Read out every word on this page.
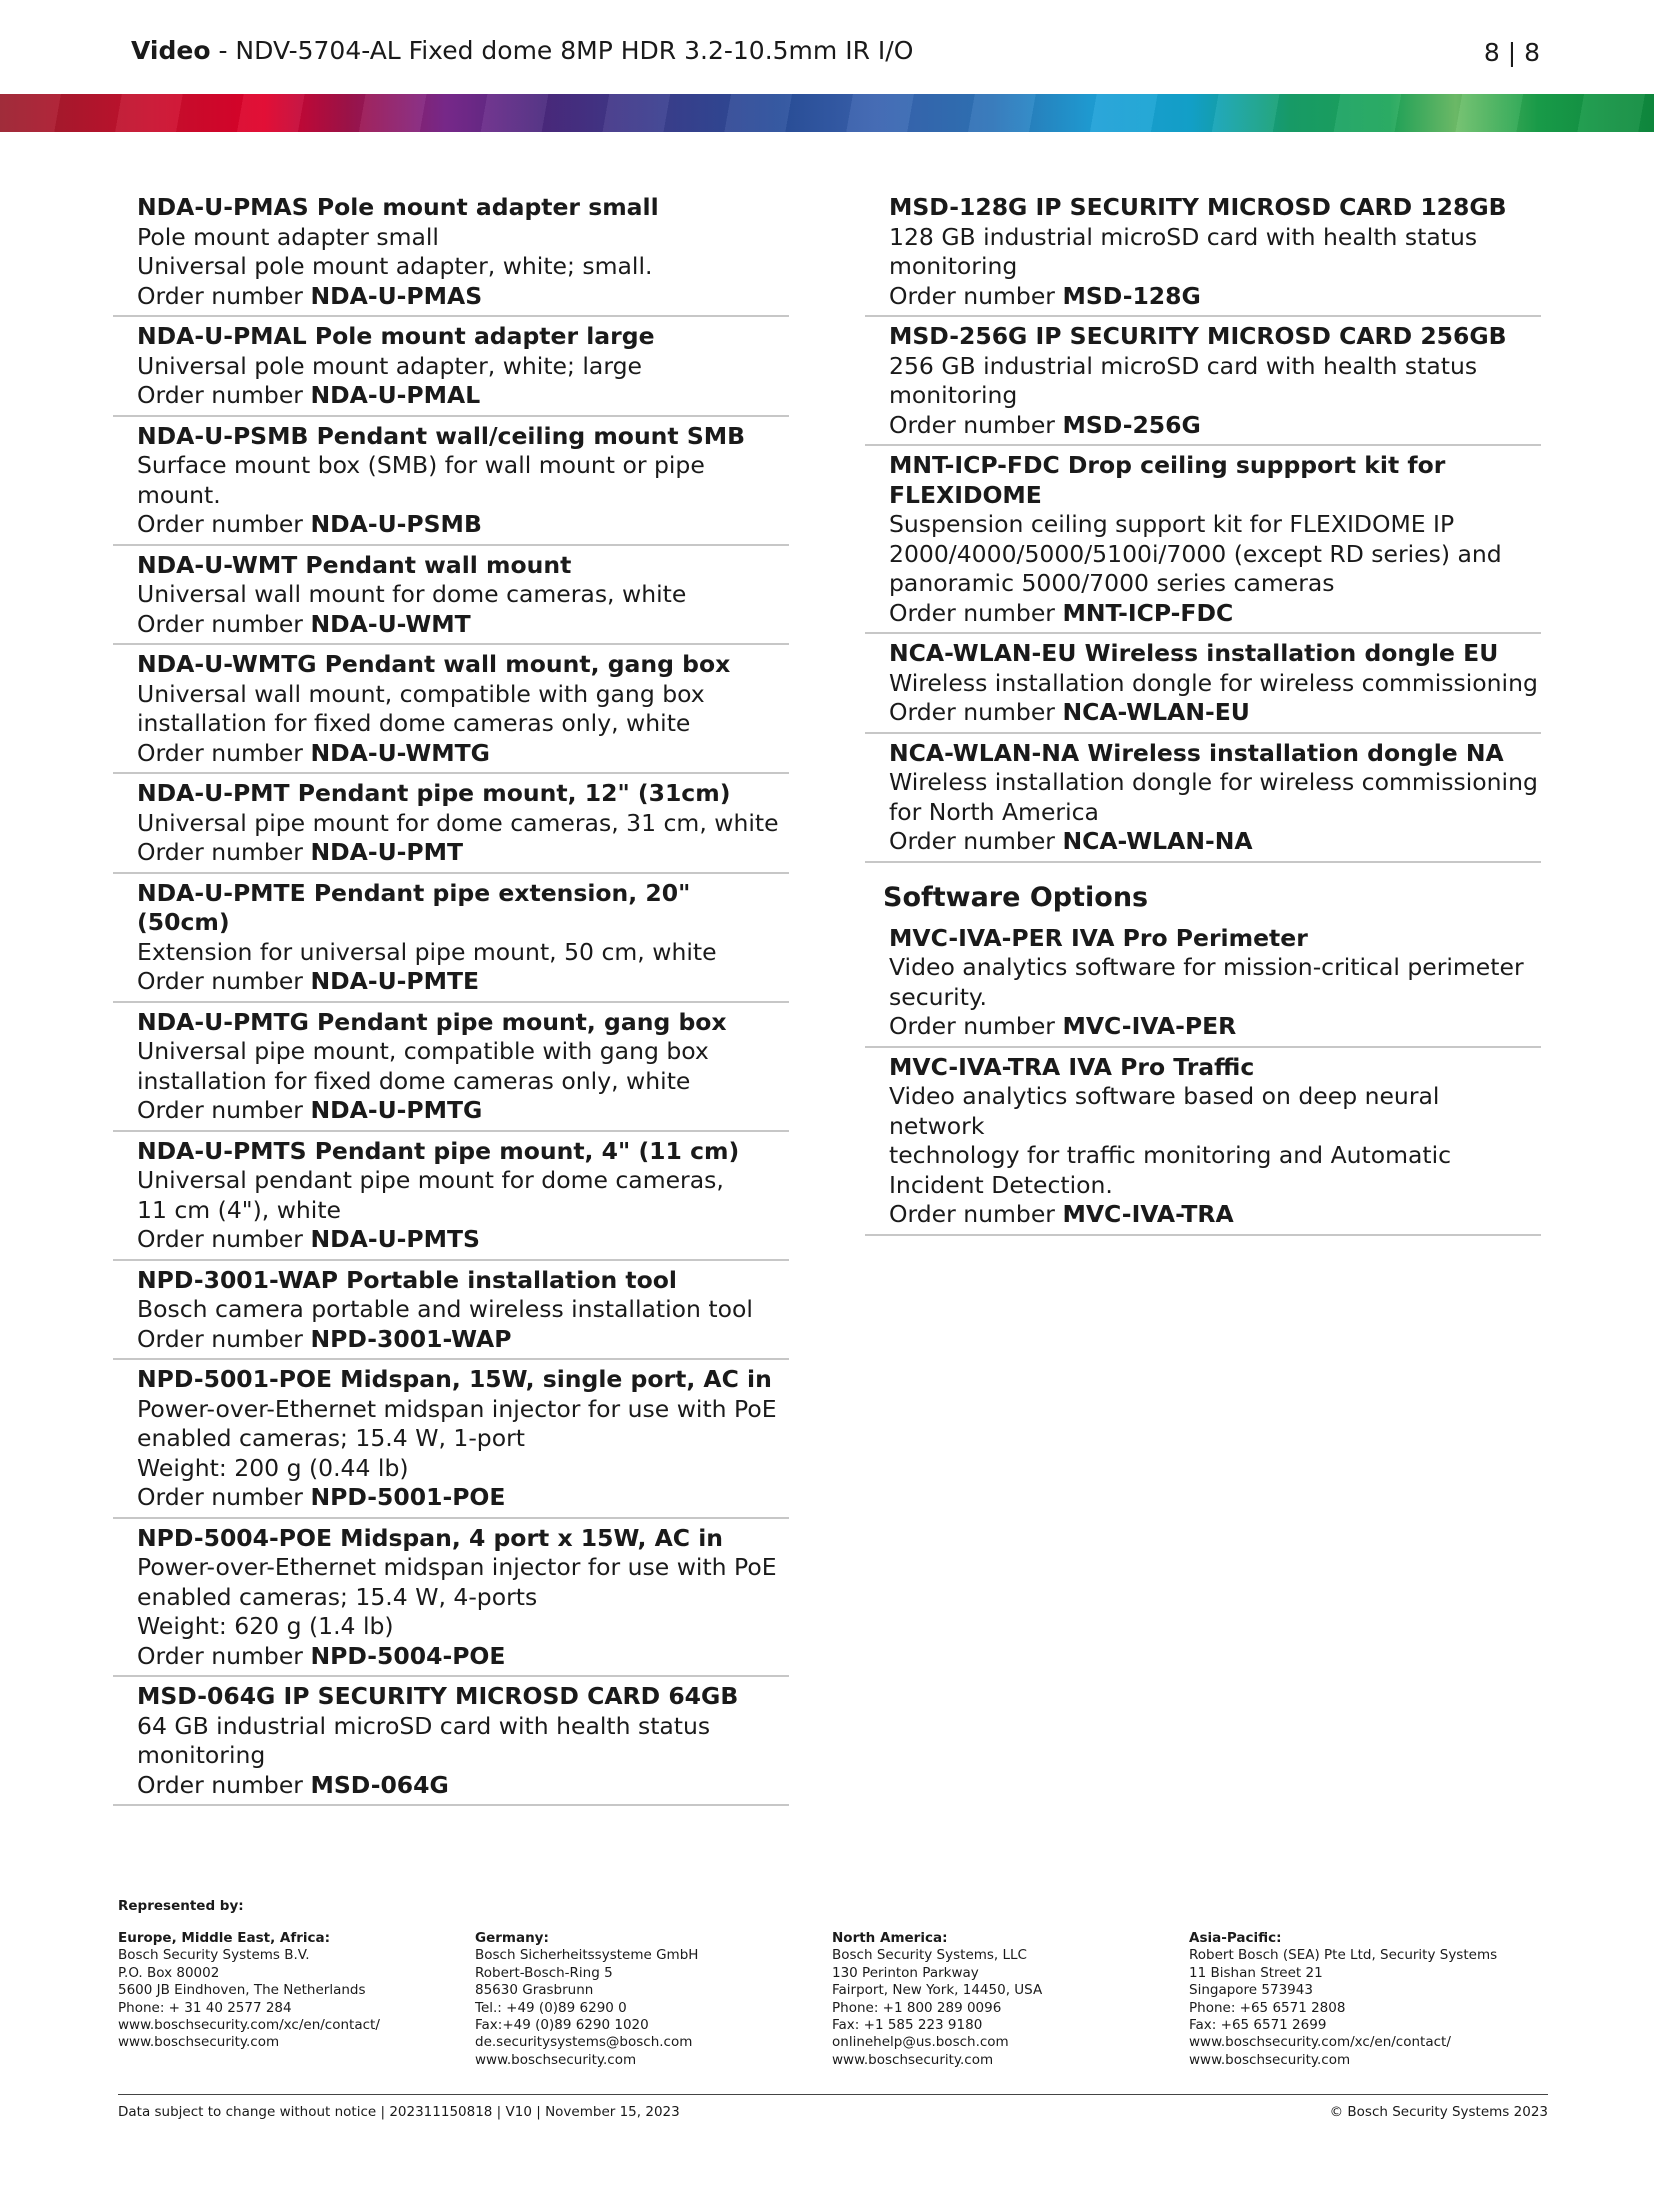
Video - NDV-5704-AL Fixed dome 8MP HDR 3.2-10.5mm IR I/O	8 | 8
NDA-U-PMAS Pole mount adapter small
Pole mount adapter small
Universal pole mount adapter, white; small.
Order number NDA-U-PMAS
NDA-U-PMAL Pole mount adapter large
Universal pole mount adapter, white; large
Order number NDA-U-PMAL
NDA-U-PSMB Pendant wall/ceiling mount SMB
Surface mount box (SMB) for wall mount or pipe
mount.
Order number NDA-U-PSMB
NDA-U-WMT Pendant wall mount
Universal wall mount for dome cameras, white
Order number NDA-U-WMT
NDA-U-WMTG Pendant wall mount, gang box
Universal wall mount, compatible with gang box
installation for fixed dome cameras only, white
Order number NDA-U-WMTG
NDA-U-PMT Pendant pipe mount, 12" (31cm)
Universal pipe mount for dome cameras, 31 cm, white
Order number NDA-U-PMT
NDA-U-PMTE Pendant pipe extension, 20" (50cm)
Extension for universal pipe mount, 50 cm, white
Order number NDA-U-PMTE
NDA-U-PMTG Pendant pipe mount, gang box
Universal pipe mount, compatible with gang box
installation for fixed dome cameras only, white
Order number NDA-U-PMTG
NDA-U-PMTS Pendant pipe mount, 4" (11 cm)
Universal pendant pipe mount for dome cameras,
11 cm (4"), white
Order number NDA-U-PMTS
NPD-3001-WAP Portable installation tool
Bosch camera portable and wireless installation tool
Order number NPD-3001-WAP
NPD-5001-POE Midspan, 15W, single port, AC in
Power-over-Ethernet midspan injector for use with PoE
enabled cameras; 15.4 W, 1-port
Weight: 200 g (0.44 lb)
Order number NPD-5001-POE
NPD-5004-POE Midspan, 4 port x 15W, AC in
Power-over-Ethernet midspan injector for use with PoE
enabled cameras; 15.4 W, 4-ports
Weight: 620 g (1.4 lb)
Order number NPD-5004-POE
MSD-064G IP SECURITY MICROSD CARD 64GB
64 GB industrial microSD card with health status
monitoring
Order number MSD-064G
MSD-128G IP SECURITY MICROSD CARD 128GB
128 GB industrial microSD card with health status
monitoring
Order number MSD-128G
MSD-256G IP SECURITY MICROSD CARD 256GB
256 GB industrial microSD card with health status
monitoring
Order number MSD-256G
MNT-ICP-FDC Drop ceiling suppport kit for
FLEXIDOME
Suspension ceiling support kit for FLEXIDOME IP
2000/4000/5000/5100i/7000 (except RD series) and
panoramic 5000/7000 series cameras
Order number MNT-ICP-FDC
NCA-WLAN-EU Wireless installation dongle EU
Wireless installation dongle for wireless commissioning
Order number NCA-WLAN-EU
NCA-WLAN-NA Wireless installation dongle NA
Wireless installation dongle for wireless commissioning
for North America
Order number NCA-WLAN-NA
Software Options
MVC-IVA-PER IVA Pro Perimeter
Video analytics software for mission-critical perimeter
security.
Order number MVC-IVA-PER
MVC-IVA-TRA IVA Pro Traffic
Video analytics software based on deep neural network
technology for traffic monitoring and Automatic
Incident Detection.
Order number MVC-IVA-TRA
Represented by:
Europe, Middle East, Africa:
Bosch Security Systems B.V.
P.O. Box 80002
5600 JB Eindhoven, The Netherlands
Phone: + 31 40 2577 284
www.boschsecurity.com/xc/en/contact/
www.boschsecurity.com
Germany:
Bosch Sicherheitssysteme GmbH
Robert-Bosch-Ring 5
85630 Grasbrunn
Tel.: +49 (0)89 6290 0
Fax:+49 (0)89 6290 1020
de.securitysystems@bosch.com
www.boschsecurity.com
North America:
Bosch Security Systems, LLC
130 Perinton Parkway
Fairport, New York, 14450, USA
Phone: +1 800 289 0096
Fax: +1 585 223 9180
onlinehelp@us.bosch.com
www.boschsecurity.com
Asia-Pacific:
Robert Bosch (SEA) Pte Ltd, Security Systems
11 Bishan Street 21
Singapore 573943
Phone: +65 6571 2808
Fax: +65 6571 2699
www.boschsecurity.com/xc/en/contact/
www.boschsecurity.com
Data subject to change without notice | 202311150818 | V10 | November 15, 2023	© Bosch Security Systems 2023
